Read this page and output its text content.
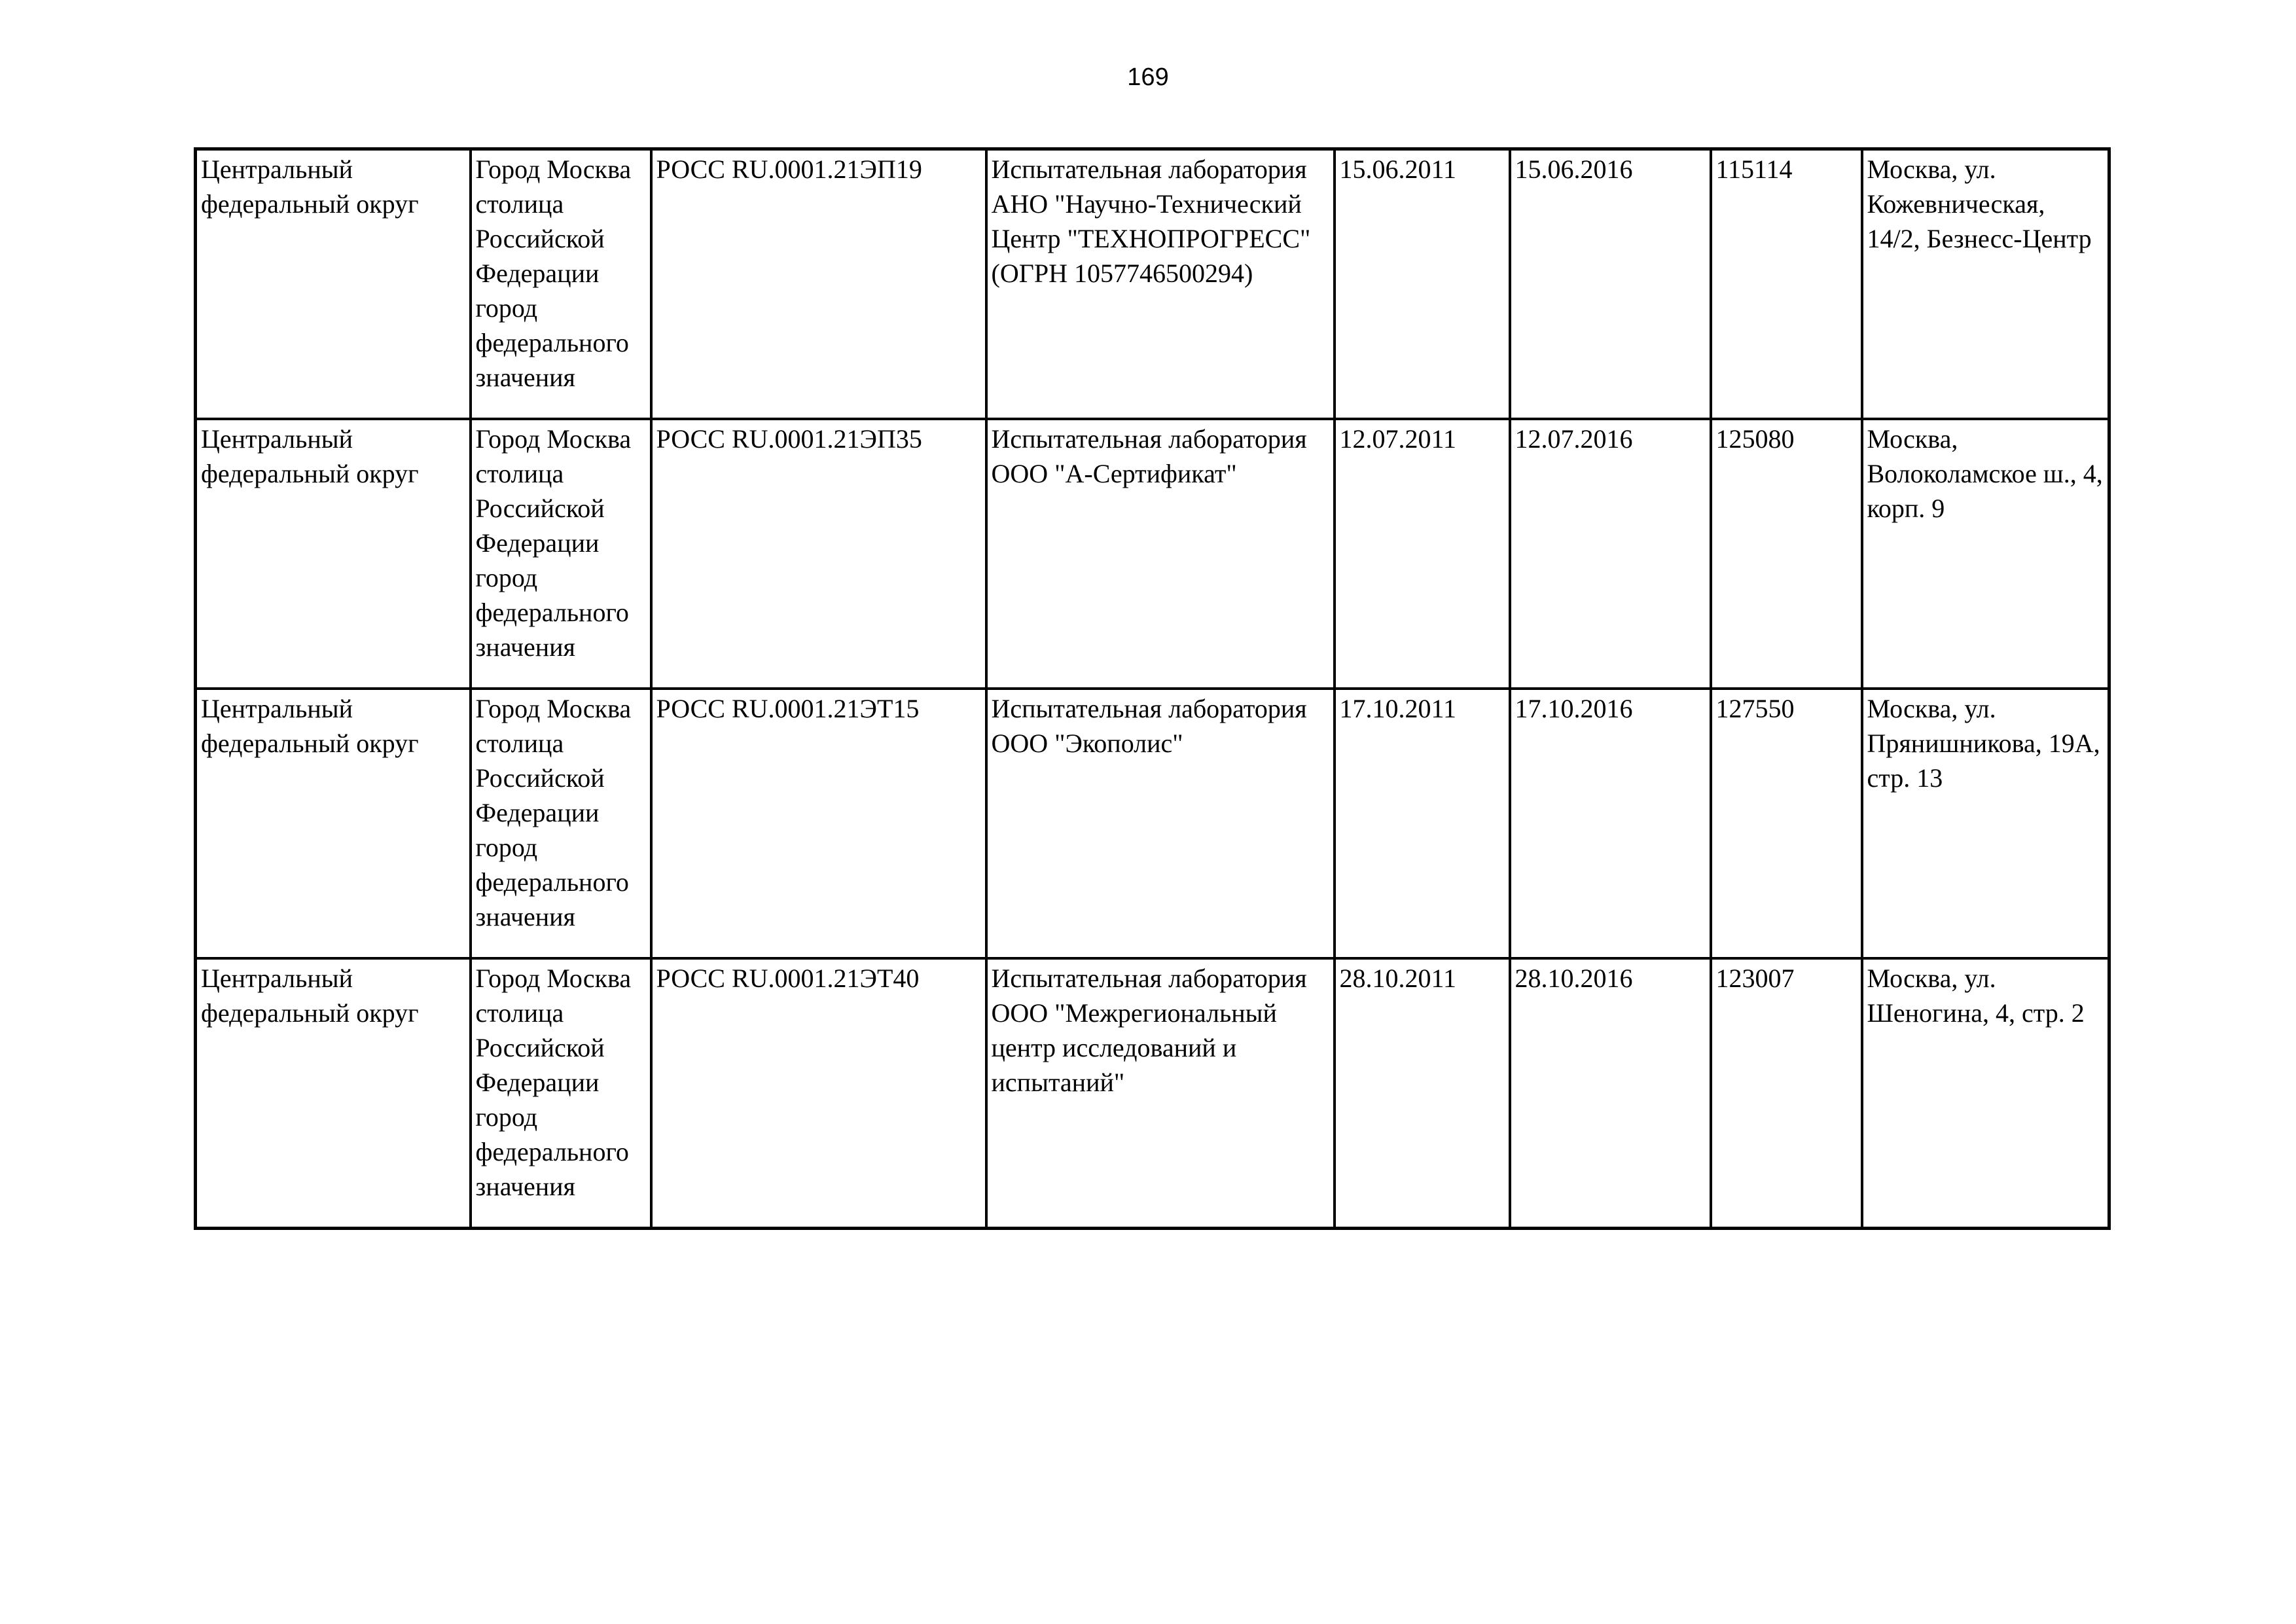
169
Центральный федеральный округ	Город Москва столица Российской Федерации город федерального значения	РОСС RU.0001.21ЭП19	Испытательная лаборатория АНО "Научно-Технический Центр "ТЕХНОПРОГРЕСС" (ОГРН 1057746500294)	15.06.2011	15.06.2016	115114	Москва, ул. Кожевническая, 14/2, Безнесс-Центр

Центральный федеральный округ	Город Москва столица Российской Федерации город федерального значения	РОСС RU.0001.21ЭП35	Испытательная лаборатория ООО "А-Сертификат"	12.07.2011	12.07.2016	125080	Москва, Волоколамское ш., 4, корп. 9

Центральный федеральный округ	Город Москва столица Российской Федерации город федерального значения	РОСС RU.0001.21ЭТ15	Испытательная лаборатория ООО "Экополис"	17.10.2011	17.10.2016	127550	Москва, ул. Прянишникова, 19А, стр. 13

Центральный федеральный округ	Город Москва столица Российской Федерации город федерального значения	РОСС RU.0001.21ЭТ40	Испытательная лаборатория ООО "Межрегиональный центр исследований и испытаний"	28.10.2011	28.10.2016	123007	Москва, ул. Шеногина, 4, стр. 2
